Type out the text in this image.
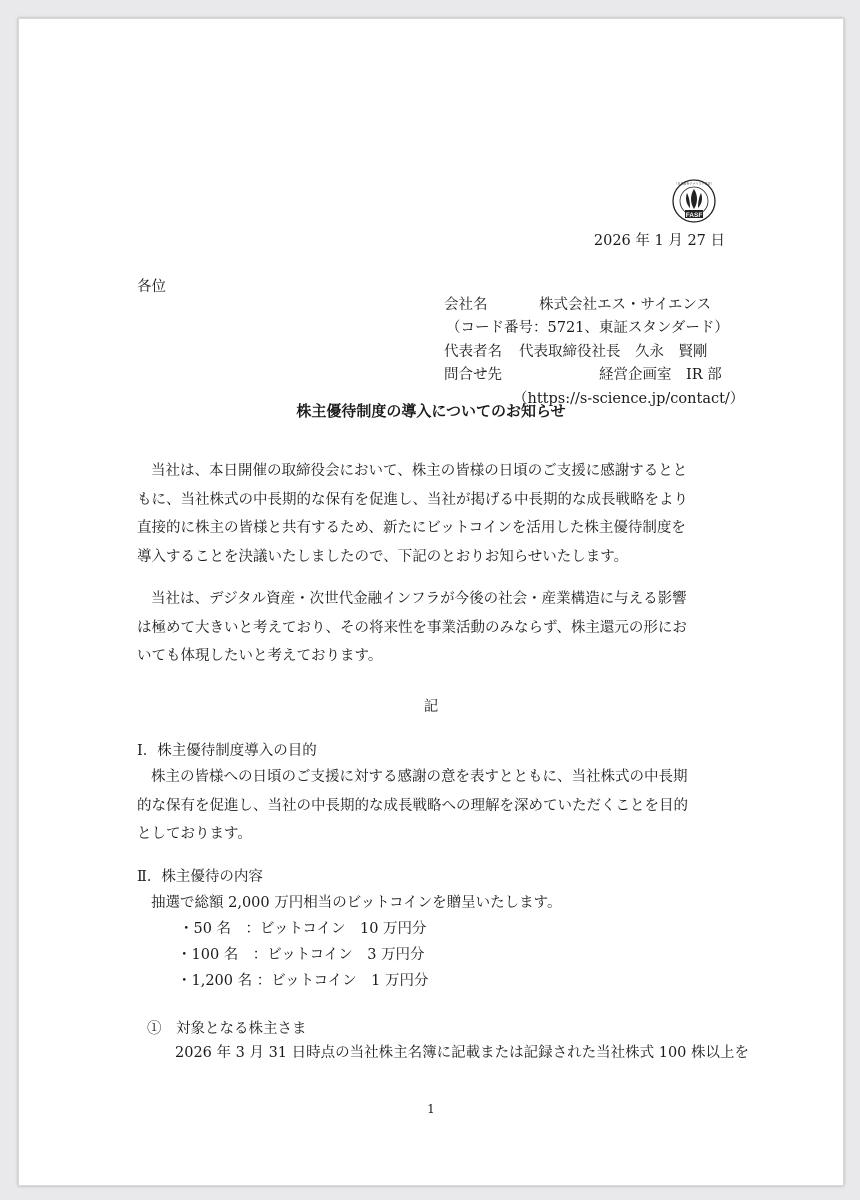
FASF
（日本証券アナリスト協会）
2026 年 1 月 27 日
各位
会社名	株式会社エス・サイエンス
（コード番号：5721、東証スタンダード）
代表者名 代表取締役社長　久永　賢剛
問合せ先	経営企画室　IR 部
（https://s-science.jp/contact/）
株主優待制度の導入についてのお知らせ
当社は、本日開催の取締役会において、株主の皆様の日頃のご支援に感謝するとと
もに、当社株式の中長期的な保有を促進し、当社が掲げる中長期的な成長戦略をより
直接的に株主の皆様と共有するため、新たにビットコインを活用した株主優待制度を
導入することを決議いたしましたので、下記のとおりお知らせいたします。
当社は、デジタル資産・次世代金融インフラが今後の社会・産業構造に与える影響
は極めて大きいと考えており、その将来性を事業活動のみならず、株主還元の形にお
いても体現したいと考えております。
記
Ⅰ．株主優待制度導入の目的
株主の皆様への日頃のご支援に対する感謝の意を表すとともに、当社株式の中長期
的な保有を促進し、当社の中長期的な成長戦略への理解を深めていただくことを目的
としております。
Ⅱ．株主優待の内容
抽選で総額 2,000 万円相当のビットコインを贈呈いたします。
・50 名　：ビットコイン　10 万円分
・100 名　：ビットコイン　3 万円分
・1,200 名 ：ビットコイン　1 万円分
①　対象となる株主さま
2026 年 3 月 31 日時点の当社株主名簿に記載または記録された当社株式 100 株以上を
1
